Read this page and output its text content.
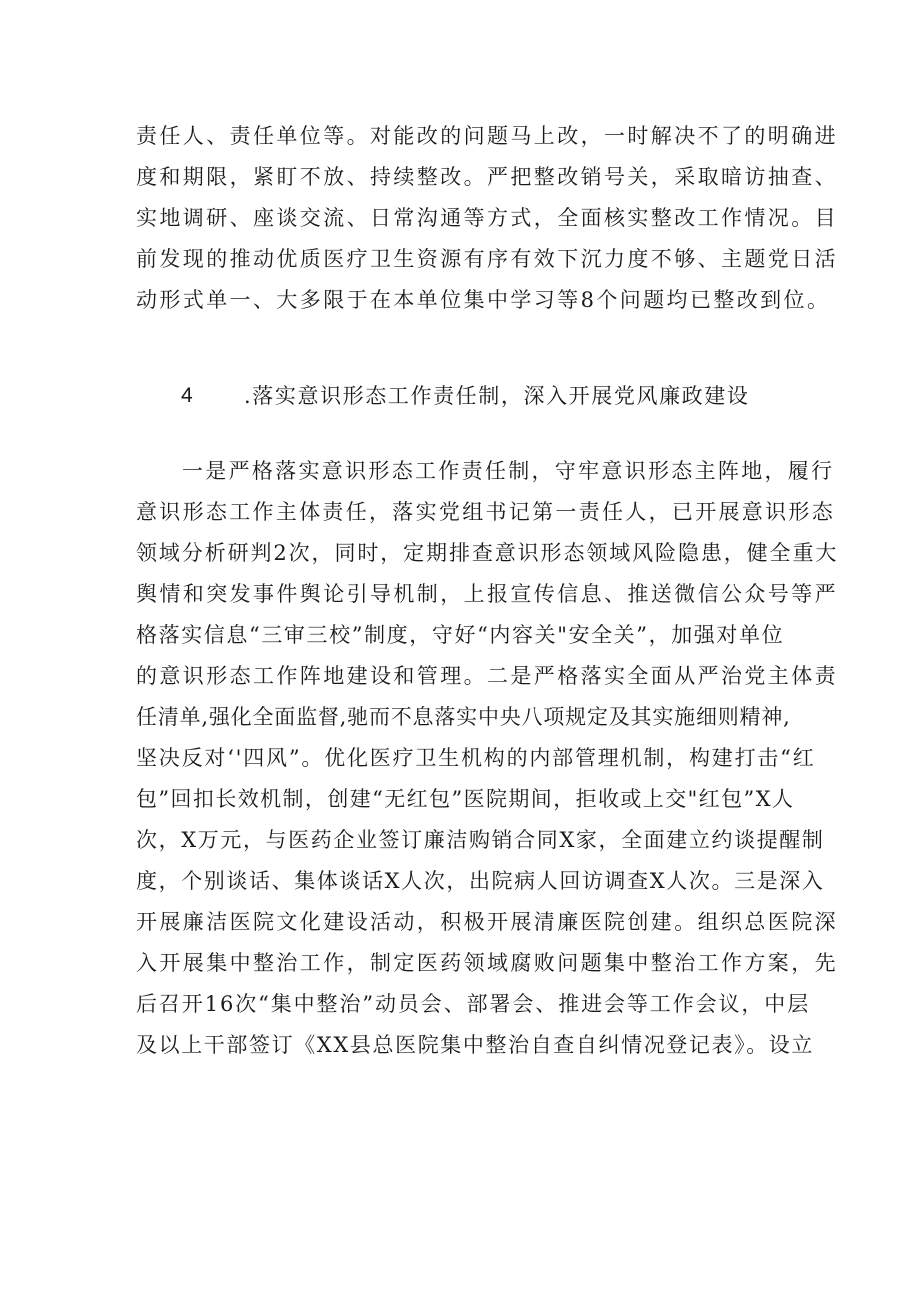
责任人、责任单位等。对能改的问题马上改，一时解决不了的明确进
度和期限，紧盯不放、持续整改。严把整改销号关，采取暗访抽查、
实地调研、座谈交流、日常沟通等方式，全面核实整改工作情况。目
前发现的推动优质医疗卫生资源有序有效下沉力度不够、主题党日活
动形式单一、大多限于在本单位集中学习等8个问题均已整改到位。
4 .落实意识形态工作责任制，深入开展党风廉政建设
一是严格落实意识形态工作责任制，守牢意识形态主阵地，履行
意识形态工作主体责任，落实党组书记第一责任人，已开展意识形态
领域分析研判2次，同时，定期排查意识形态领域风险隐患，健全重大
舆情和突发事件舆论引导机制，上报宣传信息、推送微信公众号等严
格落实信息“三审三校”制度，守好“内容关"安全关”，加强对单位
的意识形态工作阵地建设和管理。二是严格落实全面从严治党主体责
任清单,强化全面监督,驰而不息落实中央八项规定及其实施细则精神,
坚决反对‘'四风”。优化医疗卫生机构的内部管理机制，构建打击“红
包”回扣长效机制，创建“无红包”医院期间，拒收或上交"红包”X人
次，X万元，与医药企业签订廉洁购销合同X家，全面建立约谈提醒制
度，个别谈话、集体谈话X人次，出院病人回访调查X人次。三是深入
开展廉洁医院文化建设活动，积极开展清廉医院创建。组织总医院深
入开展集中整治工作，制定医药领域腐败问题集中整治工作方案，先
后召开16次“集中整治”动员会、部署会、推进会等工作会议，中层
及以上干部签订《XX县总医院集中整治自查自纠情况登记表》。设立
